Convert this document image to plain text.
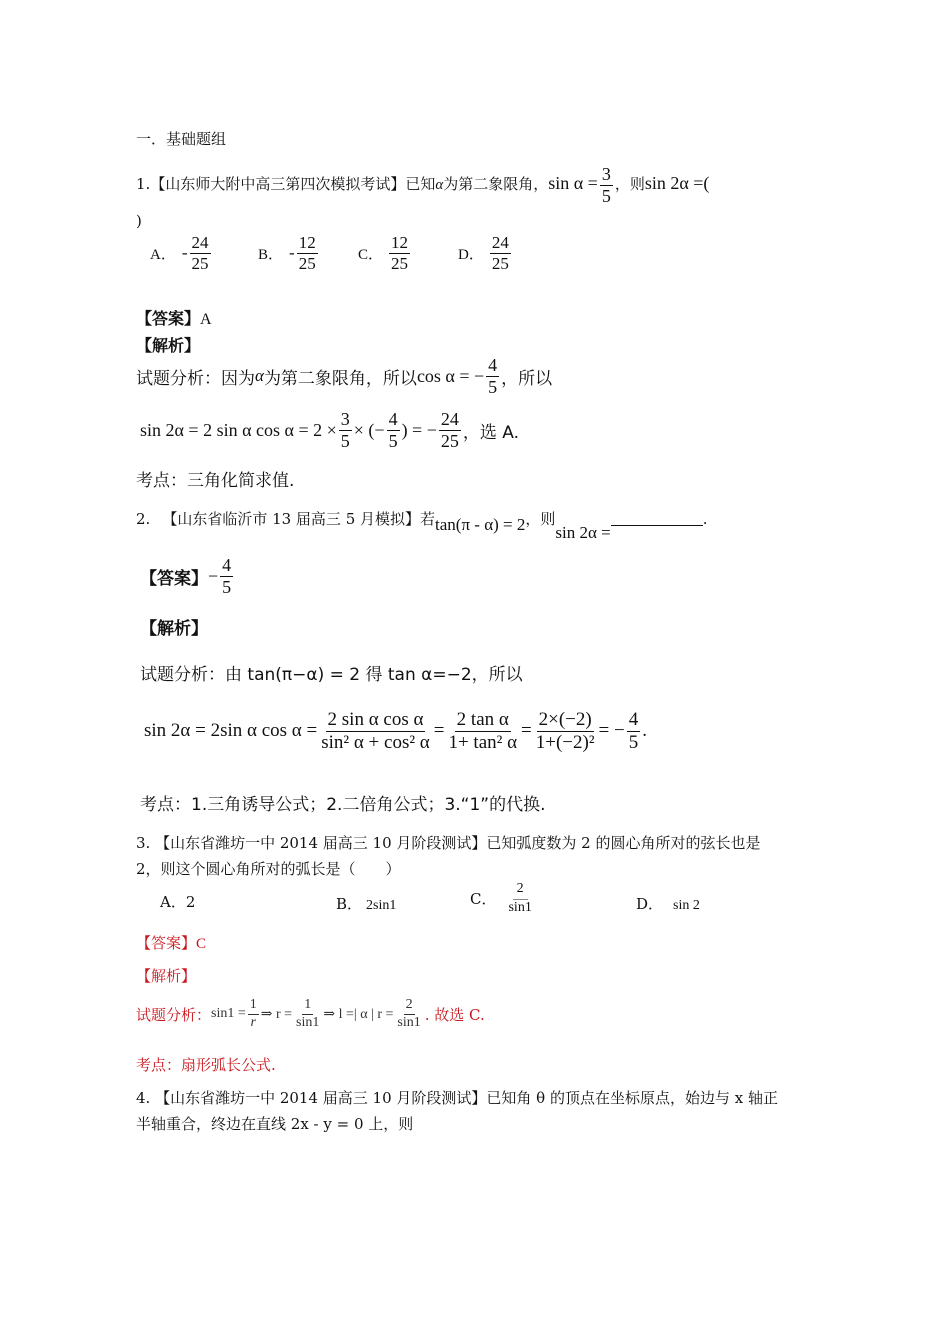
一．基础题组
1.【山东师大附中高三第四次模拟考试】已知α为第二象限角，$\sin \alpha = \frac{3}{5}$ ，则sin 2α =(
)
A． - $\frac{24}{25}$	B． - $\frac{12}{25}$	C． $\frac{12}{25}$	D． $\frac{24}{25}$
【答案】A
【解析】
试题分析：因为 α 为第二象限角，所以 cos α = − $\frac{4}{5}$ ，所以
sin 2α = 2 sin α $\cos \alpha = 2 \times \frac{3}{5}$ × (− $\frac{4}{5}$ ) = − $\frac{24}{25}$ ，选 A.
考点：三角化简求值.
2. 【山东省临沂市 13 届高三 5 月模拟】若 tan(π - α) = 2 ，则
sin 2α =
.
【答案】 − $\frac{4}{5}$
【解析】
试题分析：由 tan(π−α) = 2 得 tan α=−2，所以
sin 2α = 2sin α $\cos \alpha = \frac{\text{2 sin α cos α}}{\text{sin² α + cos² α}} = \frac{\text{2 tan α}}{\text{1+ tan² α}} = \frac{2\times(-2)}{\text{1+(−2)²}}$ = − $\frac{4}{5}$ .
考点：1.三角诱导公式；2.二倍角公式；3.“1”的代换.
3. 【山东省潍坊一中 2014 届高三 10 月阶段测试】已知弧度数为 2 的圆心角所对的弦长也是
2，则这个圆心角所对的弧长是（　　）
A．2	B． 2sin1	C． $\frac{2}{\sin 1}$	D． sin 2
【答案】C
【解析】
试题分析： $\sin 1 = \frac{1}{r}$ ⇒ $r = \frac{1}{\sin 1}$ ⇒ l =| α | $r = \frac{2}{\sin 1}$ . 故选 C.
考点：扇形弧长公式.
4. 【山东省潍坊一中 2014 届高三 10 月阶段测试】已知角 θ 的顶点在坐标原点，始边与 x 轴正
半轴重合，终边在直线 2x - y = 0 上，则
